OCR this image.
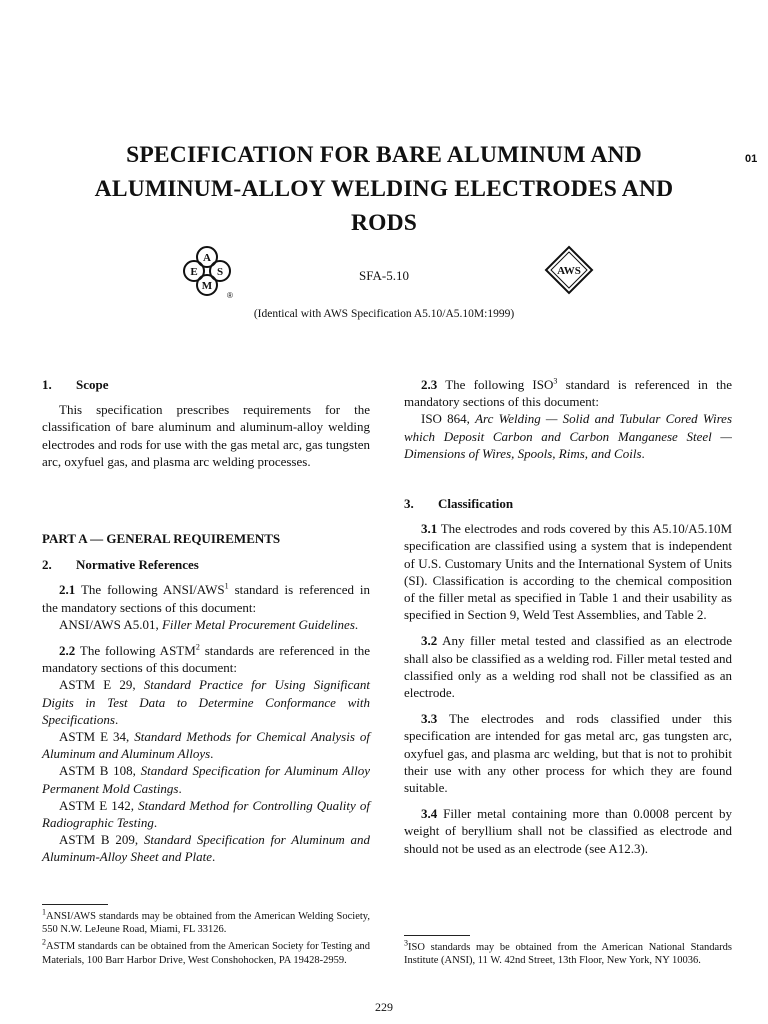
SPECIFICATION FOR BARE ALUMINUM AND
ALUMINUM-ALLOY WELDING ELECTRODES AND
RODS
01
A
E S
M
®
SFA-5.10	AWS
(Identical with AWS Specification A5.10/A5.10M:1999)
1. Scope

This specification prescribes requirements for the classification of bare aluminum and aluminum-alloy welding electrodes and rods for use with the gas metal arc, gas tungsten arc, oxyfuel gas, and plasma arc welding processes.

PART A — GENERAL REQUIREMENTS
2. Normative References

2.1 The following ANSI/AWS$^1$ standard is referenced in the mandatory sections of this document:

ANSI/AWS A5.01, Filler Metal Procurement Guidelines.

2.2 The following ASTM$^2$ standards are referenced in the mandatory sections of this document:

ASTM E 29, Standard Practice for Using Significant Digits in Test Data to Determine Conformance with Specifications.

ASTM E 34, Standard Methods for Chemical Analysis of Aluminum and Aluminum Alloys.

ASTM B 108, Standard Specification for Aluminum Alloy Permanent Mold Castings.

ASTM E 142, Standard Method for Controlling Quality of Radiographic Testing.

ASTM B 209, Standard Specification for Aluminum and Aluminum-Alloy Sheet and Plate.

$^1$ANSI/AWS standards may be obtained from the American Welding Society, 550 N.W. LeJeune Road, Miami, FL 33126.

$^2$ASTM standards can be obtained from the American Society for Testing and Materials, 100 Barr Harbor Drive, West Conshohocken, PA 19428-2959.

2.3 The following ISO$^3$ standard is referenced in the mandatory sections of this document:

ISO 864, Arc Welding — Solid and Tubular Cored Wires which Deposit Carbon and Carbon Manganese Steel — Dimensions of Wires, Spools, Rims, and Coils.

3. Classification

3.1 The electrodes and rods covered by this A5.10/A5.10M specification are classified using a system that is independent of U.S. Customary Units and the International System of Units (SI). Classification is according to the chemical composition of the filler metal as specified in Table 1 and their usability as specified in Section 9, Weld Test Assemblies, and Table 2.

3.2 Any filler metal tested and classified as an electrode shall also be classified as a welding rod. Filler metal tested and classified only as a welding rod shall not be classified as an electrode.

3.3 The electrodes and rods classified under this specification are intended for gas metal arc, gas tungsten arc, oxyfuel gas, and plasma arc welding, but that is not to prohibit their use with any other process for which they are found suitable.

3.4 Filler metal containing more than 0.0008 percent by weight of beryllium shall not be classified as electrode and should not be used as an electrode (see A12.3).

$^3$ISO standards may be obtained from the American National Standards Institute (ANSI), 11 W. 42nd Street, 13th Floor, New York, NY 10036.

229
